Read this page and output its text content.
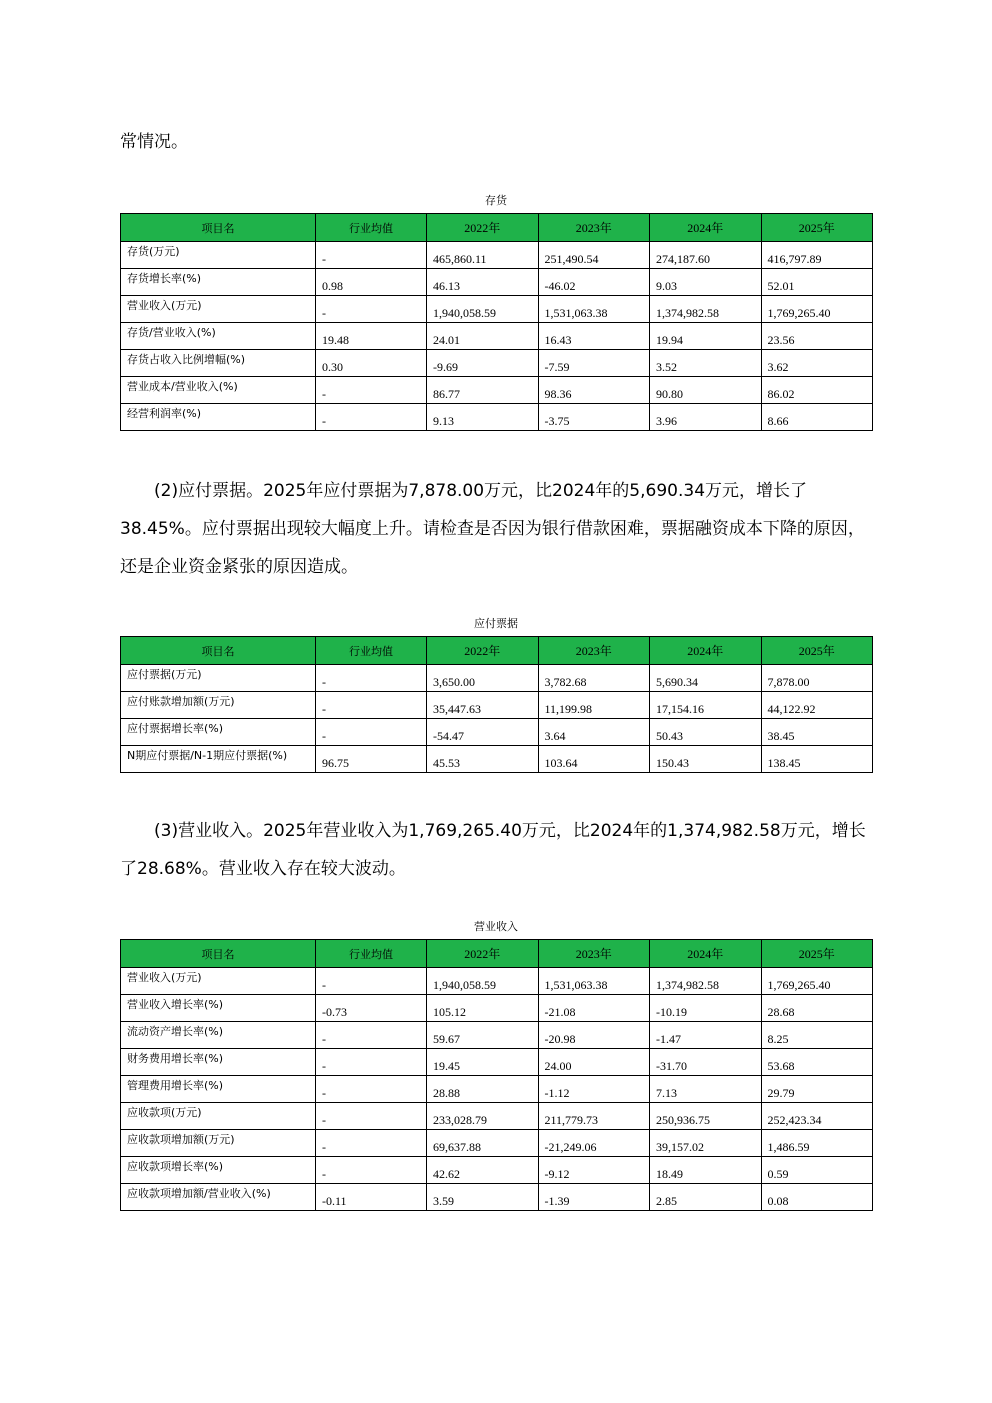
常情况。

存货
项目名	行业均值	2022年	2023年	2024年	2025年
存货(万元)	-	465,860.11	251,490.54	274,187.60	416,797.89
存货增长率(%)	0.98	46.13	-46.02	9.03	52.01
营业收入(万元)	-	1,940,058.59	1,531,063.38	1,374,982.58	1,769,265.40
存货/营业收入(%)	19.48	24.01	16.43	19.94	23.56
存货占收入比例增幅(%)	0.30	-9.69	-7.59	3.52	3.62
营业成本/营业收入(%)	-	86.77	98.36	90.80	86.02
经营利润率(%)	-	9.13	-3.75	3.96	8.66

(2)应付票据。2025年应付票据为7,878.00万元，比2024年的5,690.34万元，增长了38.45%。应付票据出现较大幅度上升。请检查是否因为银行借款困难，票据融资成本下降的原因，还是企业资金紧张的原因造成。

应付票据
项目名	行业均值	2022年	2023年	2024年	2025年
应付票据(万元)	-	3,650.00	3,782.68	5,690.34	7,878.00
应付账款增加额(万元)	-	35,447.63	11,199.98	17,154.16	44,122.92
应付票据增长率(%)	-	-54.47	3.64	50.43	38.45
N期应付票据/N-1期应付票据(%)	96.75	45.53	103.64	150.43	138.45

(3)营业收入。2025年营业收入为1,769,265.40万元，比2024年的1,374,982.58万元，增长了28.68%。营业收入存在较大波动。

营业收入
项目名	行业均值	2022年	2023年	2024年	2025年
营业收入(万元)	-	1,940,058.59	1,531,063.38	1,374,982.58	1,769,265.40
营业收入增长率(%)	-0.73	105.12	-21.08	-10.19	28.68
流动资产增长率(%)	-	59.67	-20.98	-1.47	8.25
财务费用增长率(%)	-	19.45	24.00	-31.70	53.68
管理费用增长率(%)	-	28.88	-1.12	7.13	29.79
应收款项(万元)	-	233,028.79	211,779.73	250,936.75	252,423.34
应收款项增加额(万元)	-	69,637.88	-21,249.06	39,157.02	1,486.59
应收款项增长率(%)	-	42.62	-9.12	18.49	0.59
应收款项增加额/营业收入(%)	-0.11	3.59	-1.39	2.85	0.08
